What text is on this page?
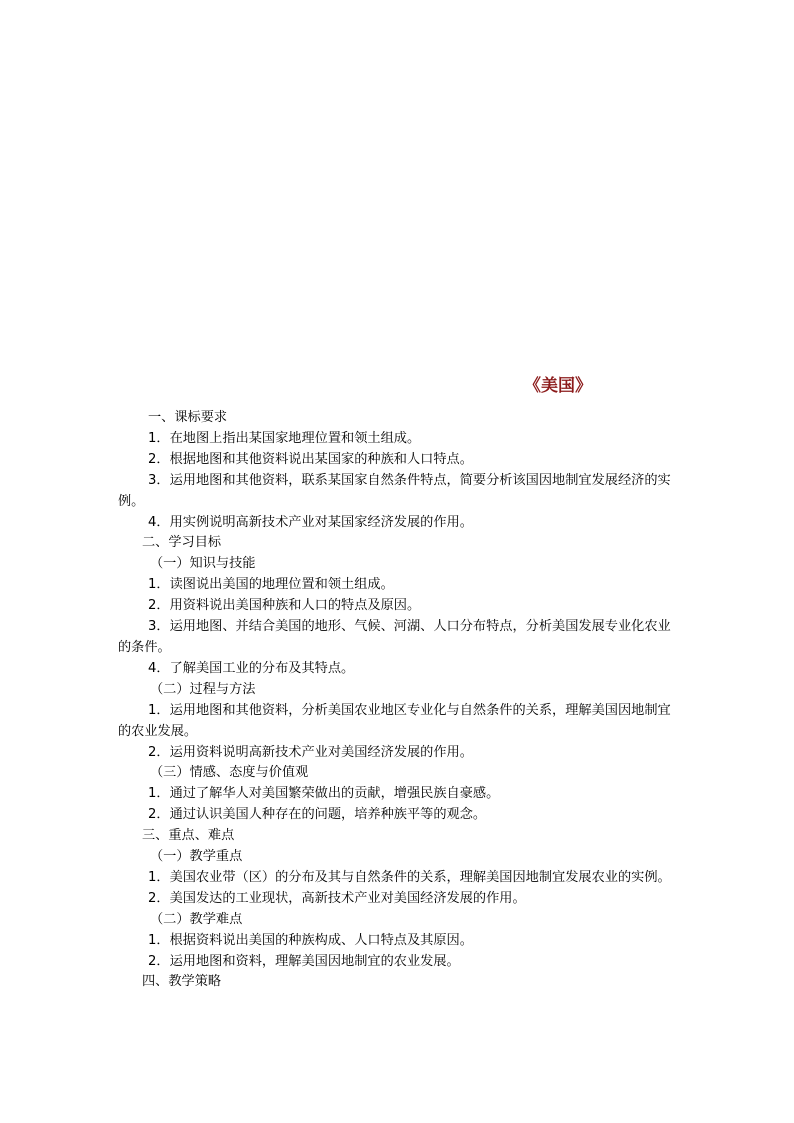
《美国》

一、课标要求

1．在地图上指出某国家地理位置和领土组成。

2．根据地图和其他资料说出某国家的种族和人口特点。

3．运用地图和其他资料，联系某国家自然条件特点，简要分析该国因地制宜发展经济的实例。

4．用实例说明高新技术产业对某国家经济发展的作用。

二、学习目标

（一）知识与技能

1．读图说出美国的地理位置和领土组成。

2．用资料说出美国种族和人口的特点及原因。

3．运用地图、并结合美国的地形、气候、河湖、人口分布特点，分析美国发展专业化农业的条件。

4．了解美国工业的分布及其特点。

（二）过程与方法

1．运用地图和其他资料，分析美国农业地区专业化与自然条件的关系，理解美国因地制宜的农业发展。

2．运用资料说明高新技术产业对美国经济发展的作用。

（三）情感、态度与价值观

1．通过了解华人对美国繁荣做出的贡献，增强民族自豪感。

2．通过认识美国人种存在的问题，培养种族平等的观念。

三、重点、难点

（一）教学重点

1．美国农业带（区）的分布及其与自然条件的关系，理解美国因地制宜发展农业的实例。

2．美国发达的工业现状，高新技术产业对美国经济发展的作用。

（二）教学难点

1．根据资料说出美国的种族构成、人口特点及其原因。

2．运用地图和资料，理解美国因地制宜的农业发展。

四、教学策略
